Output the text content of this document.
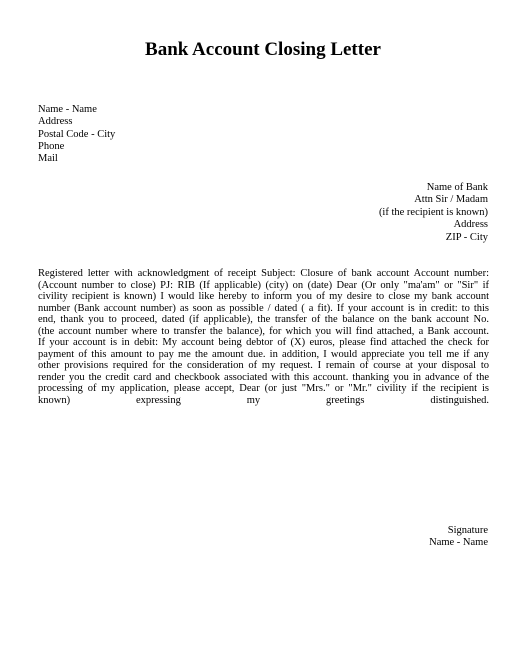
Bank Account Closing Letter
Name - Name
Address
Postal Code - City
Phone
Mail
Name of Bank
Attn Sir / Madam
(if the recipient is known)
Address
ZIP - City
Registered letter with acknowledgment of receipt Subject: Closure of bank account Account number:
(Account number to close) PJ: RIB (If applicable) (city) on (date) Dear (Or only "ma'am" or "Sir" if
civility recipient is known) I would like hereby to inform you of my desire to close my bank account
number (Bank account number) as soon as possible / dated ( a fit). If your account is in credit: to this
end, thank you to proceed, dated (if applicable), the transfer of the balance on the bank account No.
(the account number where to transfer the balance), for which you will find attached, a Bank account.
If your account is in debit: My account being debtor of (X) euros, please find attached the check for
payment of this amount to pay me the amount due. in addition, I would appreciate you tell me if any
other provisions required for the consideration of my request. I remain of course at your disposal to
render you the credit card and checkbook associated with this account. thanking you in advance of the
processing of my application, please accept, Dear (or just "Mrs." or "Mr." civility if the recipient is
known) expressing my greetings distinguished.
Signature
Name - Name
